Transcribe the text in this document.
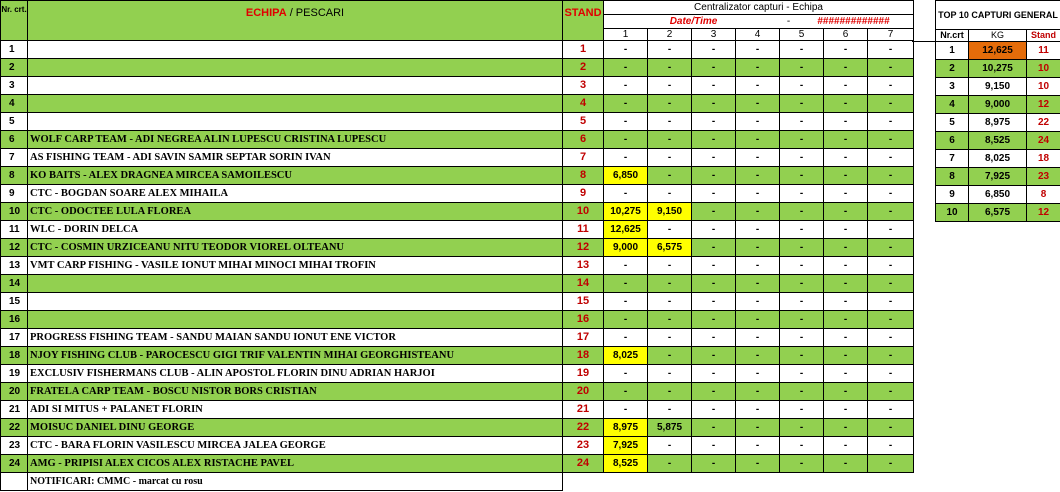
Nr. crt.	ECHIPA / PESCARI	STAND	Centralizator capturi - Echipa						
			Date/Time - #############						
			1	2	3	4	5	6	7
1		1	-	-	-	-	-	-	-
2		2	-	-	-	-	-	-	-
3		3	-	-	-	-	-	-	-
4		4	-	-	-	-	-	-	-
5		5	-	-	-	-	-	-	-
6	WOLF CARP TEAM - ADI NEGREA ALIN LUPESCU CRISTINA LUPESCU	6	-	-	-	-	-	-	-
7	AS FISHING TEAM - ADI SAVIN SAMIR SEPTAR SORIN IVAN	7	-	-	-	-	-	-	-
8	KO BAITS - ALEX DRAGNEA MIRCEA SAMOILESCU	8	6,850	-	-	-	-	-	-
9	CTC - BOGDAN SOARE ALEX MIHAILA	9	-	-	-	-	-	-	-
10	CTC - ODOCTEE LULA FLOREA	10	10,275	9,150	-	-	-	-	-
11	WLC - DORIN DELCA	11	12,625	-	-	-	-	-	-
12	CTC - COSMIN URZICEANU NITU TEODOR VIOREL OLTEANU	12	9,000	6,575	-	-	-	-	-
13	VMT CARP FISHING - VASILE IONUT MIHAI MINOCI MIHAI TROFIN	13	-	-	-	-	-	-	-
14		14	-	-	-	-	-	-	-
15		15	-	-	-	-	-	-	-
16		16	-	-	-	-	-	-	-
17	PROGRESS FISHING TEAM - SANDU MAIAN SANDU IONUT ENE VICTOR	17	-	-	-	-	-	-	-
18	NJOY FISHING CLUB - PAROCESCU GIGI TRIF VALENTIN MIHAI GEORGHISTEANU	18	8,025	-	-	-	-	-	-
19	EXCLUSIV FISHERMANS CLUB - ALIN APOSTOL FLORIN DINU ADRIAN HARJOI	19	-	-	-	-	-	-	-
20	FRATELA CARP TEAM - BOSCU NISTOR BORS CRISTIAN	20	-	-	-	-	-	-	-
21	ADI SI MITUS + PALANET FLORIN	21	-	-	-	-	-	-	-
22	MOISUC DANIEL DINU GEORGE	22	8,975	5,875	-	-	-	-	-
23	CTC - BARA FLORIN VASILESCU MIRCEA JALEA GEORGE	23	7,925	-	-	-	-	-	-
24	AMG - PRIPISI ALEX CICOS ALEX RISTACHE PAVEL	24	8,525	-	-	-	-	-	-
	NOTIFICARI: CMMC - marcat cu rosu								
TOP 10 CAPTURI GENERAL		
Nr.crt	KG	Stand
1	12,625	11
2	10,275	10
3	9,150	10
4	9,000	12
5	8,975	22
6	8,525	24
7	8,025	18
8	7,925	23
9	6,850	8
10	6,575	12
